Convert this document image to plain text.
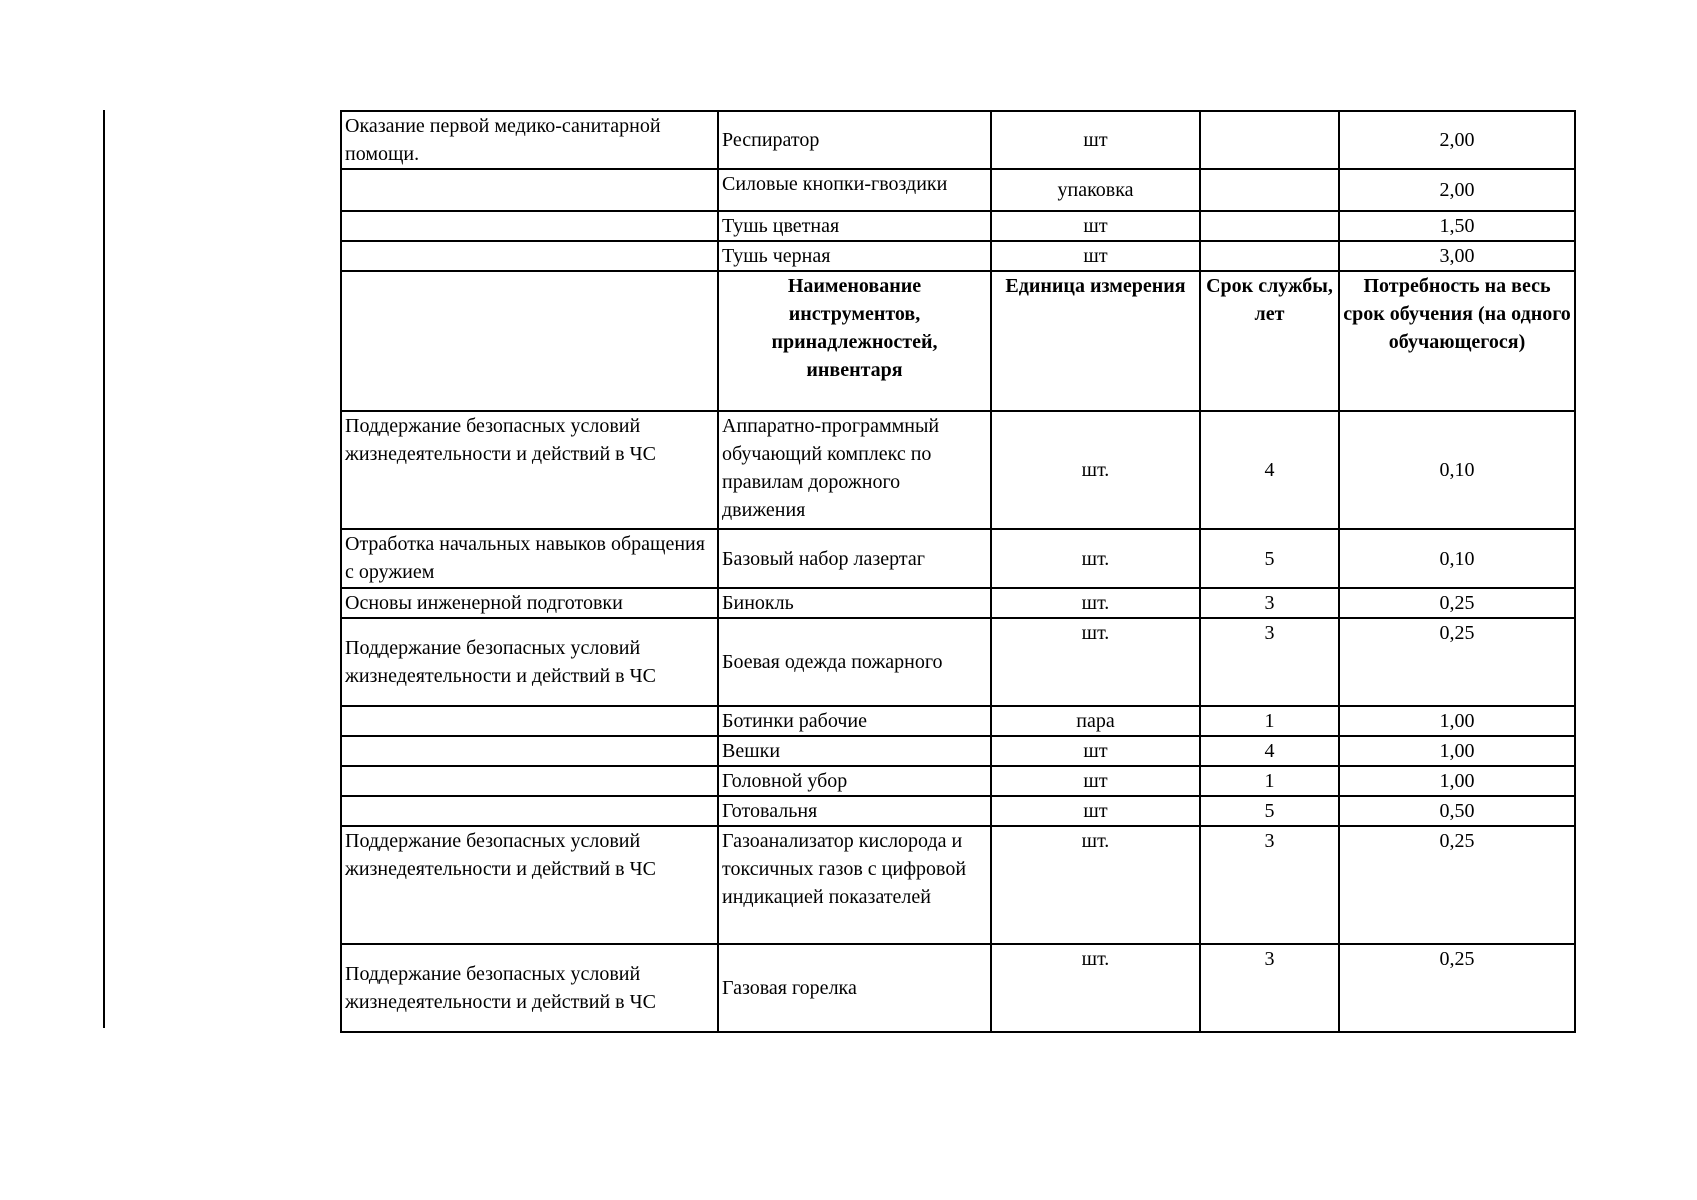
Оказание первой медико-санитарной помощи.	Респиратор	шт		2,00
	Силовые кнопки-гвоздики	упаковка		2,00
	Тушь цветная	шт		1,50
	Тушь черная	шт		3,00
	Наименование инструментов, принадлежностей, инвентаря	Единица измерения	Срок службы, лет	Потребность на весь срок обучения (на одного обучающегося)
Поддержание безопасных условий жизнедеятельности и действий в ЧС	Аппаратно-программный обучающий комплекс по правилам дорожного движения	шт.	4	0,10
Отработка начальных навыков обращения с оружием	Базовый набор лазертаг	шт.	5	0,10
Основы инженерной подготовки	Бинокль	шт.	3	0,25
Поддержание безопасных условий жизнедеятельности и действий в ЧС	Боевая одежда пожарного	шт.	3	0,25
	Ботинки рабочие	пара	1	1,00
	Вешки	шт	4	1,00
	Головной убор	шт	1	1,00
	Готовальня	шт	5	0,50
Поддержание безопасных условий жизнедеятельности и действий в ЧС	Газоанализатор кислорода и токсичных газов с цифровой индикацией показателей	шт.	3	0,25
Поддержание безопасных условий жизнедеятельности и действий в ЧС	Газовая горелка	шт.	3	0,25
